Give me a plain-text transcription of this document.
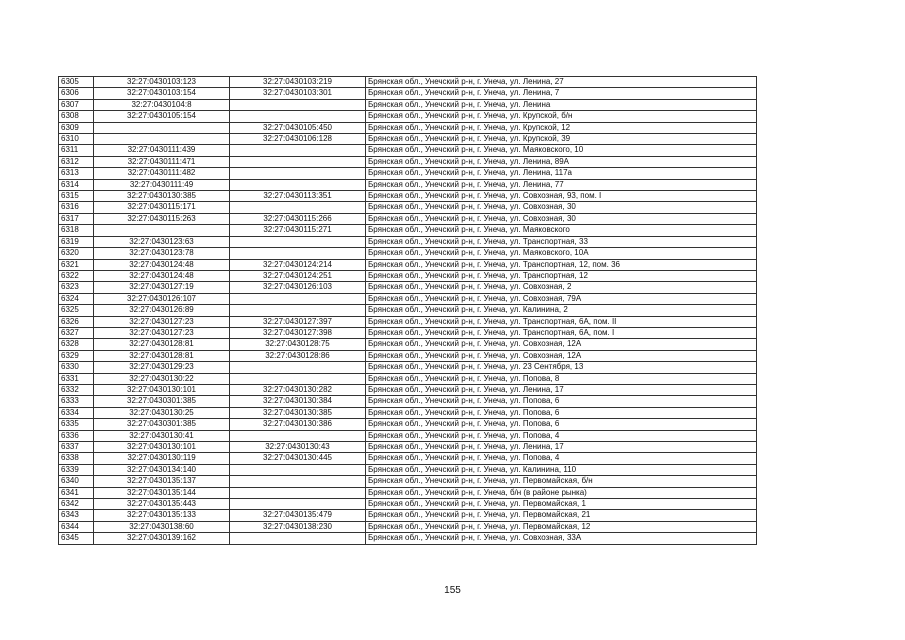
6305	32:27:0430103:123	32:27:0430103:219	Брянская обл., Унечский р-н, г. Унеча, ул. Ленина, 27
6306	32:27:0430103:154	32:27:0430103:301	Брянская обл., Унечский р-н, г. Унеча, ул. Ленина, 7
6307	32:27:0430104:8		Брянская обл., Унечский р-н, г. Унеча, ул. Ленина
6308	32:27:0430105:154		Брянская обл., Унечский р-н, г. Унеча, ул. Крупской, б/н
6309		32:27:0430105:450	Брянская обл., Унечский р-н, г. Унеча, ул. Крупской, 12
6310		32:27:0430106:128	Брянская обл., Унечский р-н, г. Унеча, ул. Крупской, 39
6311	32:27:0430111:439		Брянская обл., Унечский р-н, г. Унеча, ул. Маяковского, 10
6312	32:27:0430111:471		Брянская обл., Унечский р-н, г. Унеча, ул. Ленина, 89А
6313	32:27:0430111:482		Брянская обл., Унечский р-н, г. Унеча, ул. Ленина, 117а
6314	32:27:0430111:49		Брянская обл., Унечский р-н, г. Унеча, ул. Ленина, 77
6315	32:27:0430130:385	32:27:0430113:351	Брянская обл., Унечский р-н, г. Унеча, ул. Совхозная, 93, пом. I
6316	32:27:0430115:171		Брянская обл., Унечский р-н, г. Унеча, ул. Совхозная, 30
6317	32:27:0430115:263	32:27:0430115:266	Брянская обл., Унечский р-н, г. Унеча, ул. Совхозная, 30
6318		32:27:0430115:271	Брянская обл., Унечский р-н, г. Унеча, ул. Маяковского
6319	32:27:0430123:63		Брянская обл., Унечский р-н, г. Унеча, ул. Транспортная, 33
6320	32:27:0430123:78		Брянская обл., Унечский р-н, г. Унеча, ул. Маяковского, 10А
6321	32:27:0430124:48	32:27:0430124:214	Брянская обл., Унечский р-н, г. Унеча, ул. Транспортная, 12, пом. 36
6322	32:27:0430124:48	32:27:0430124:251	Брянская обл., Унечский р-н, г. Унеча, ул. Транспортная, 12
6323	32:27:0430127:19	32:27:0430126:103	Брянская обл., Унечский р-н, г. Унеча, ул. Совхозная, 2
6324	32:27:0430126:107		Брянская обл., Унечский р-н, г. Унеча, ул. Совхозная, 79А
6325	32:27:0430126:89		Брянская обл., Унечский р-н, г. Унеча, ул. Калинина, 2
6326	32:27:0430127:23	32:27:0430127:397	Брянская обл., Унечский р-н, г. Унеча, ул. Транспортная, 6А, пом. II
6327	32:27:0430127:23	32:27:0430127:398	Брянская обл., Унечский р-н, г. Унеча, ул. Транспортная, 6А, пом. I
6328	32:27:0430128:81	32:27:0430128:75	Брянская обл., Унечский р-н, г. Унеча, ул. Совхозная, 12А
6329	32:27:0430128:81	32:27:0430128:86	Брянская обл., Унечский р-н, г. Унеча, ул. Совхозная, 12А
6330	32:27:0430129:23		Брянская обл., Унечский р-н, г. Унеча, ул. 23 Сентября, 13
6331	32:27:0430130:22		Брянская обл., Унечский р-н, г. Унеча, ул. Попова, 8
6332	32:27:0430130:101	32:27:0430130:282	Брянская обл., Унечский р-н, г. Унеча, ул. Ленина, 17
6333	32:27:0430301:385	32:27:0430130:384	Брянская обл., Унечский р-н, г. Унеча, ул. Попова, 6
6334	32:27:0430130:25	32:27:0430130:385	Брянская обл., Унечский р-н, г. Унеча, ул. Попова, 6
6335	32:27:0430301:385	32:27:0430130:386	Брянская обл., Унечский р-н, г. Унеча, ул. Попова, 6
6336	32:27:0430130:41		Брянская обл., Унечский р-н, г. Унеча, ул. Попова, 4
6337	32:27:0430130:101	32:27:0430130:43	Брянская обл., Унечский р-н, г. Унеча, ул. Ленина, 17
6338	32:27:0430130:119	32:27:0430130:445	Брянская обл., Унечский р-н, г. Унеча, ул. Попова, 4
6339	32:27:0430134:140		Брянская обл., Унечский р-н, г. Унеча, ул. Калинина, 110
6340	32:27:0430135:137		Брянская обл., Унечский р-н, г. Унеча, ул. Первомайская, б/н
6341	32:27:0430135:144		Брянская обл., Унечский р-н, г. Унеча, б/н (в районе рынка)
6342	32:27:0430135:443		Брянская обл., Унечский р-н, г. Унеча, ул. Первомайская, 1
6343	32:27:0430135:133	32:27:0430135:479	Брянская обл., Унечский р-н, г. Унеча, ул. Первомайская, 21
6344	32:27:0430138:60	32:27:0430138:230	Брянская обл., Унечский р-н, г. Унеча, ул. Первомайская, 12
6345	32:27:0430139:162		Брянская обл., Унечский р-н, г. Унеча, ул. Совхозная, 33А
155
